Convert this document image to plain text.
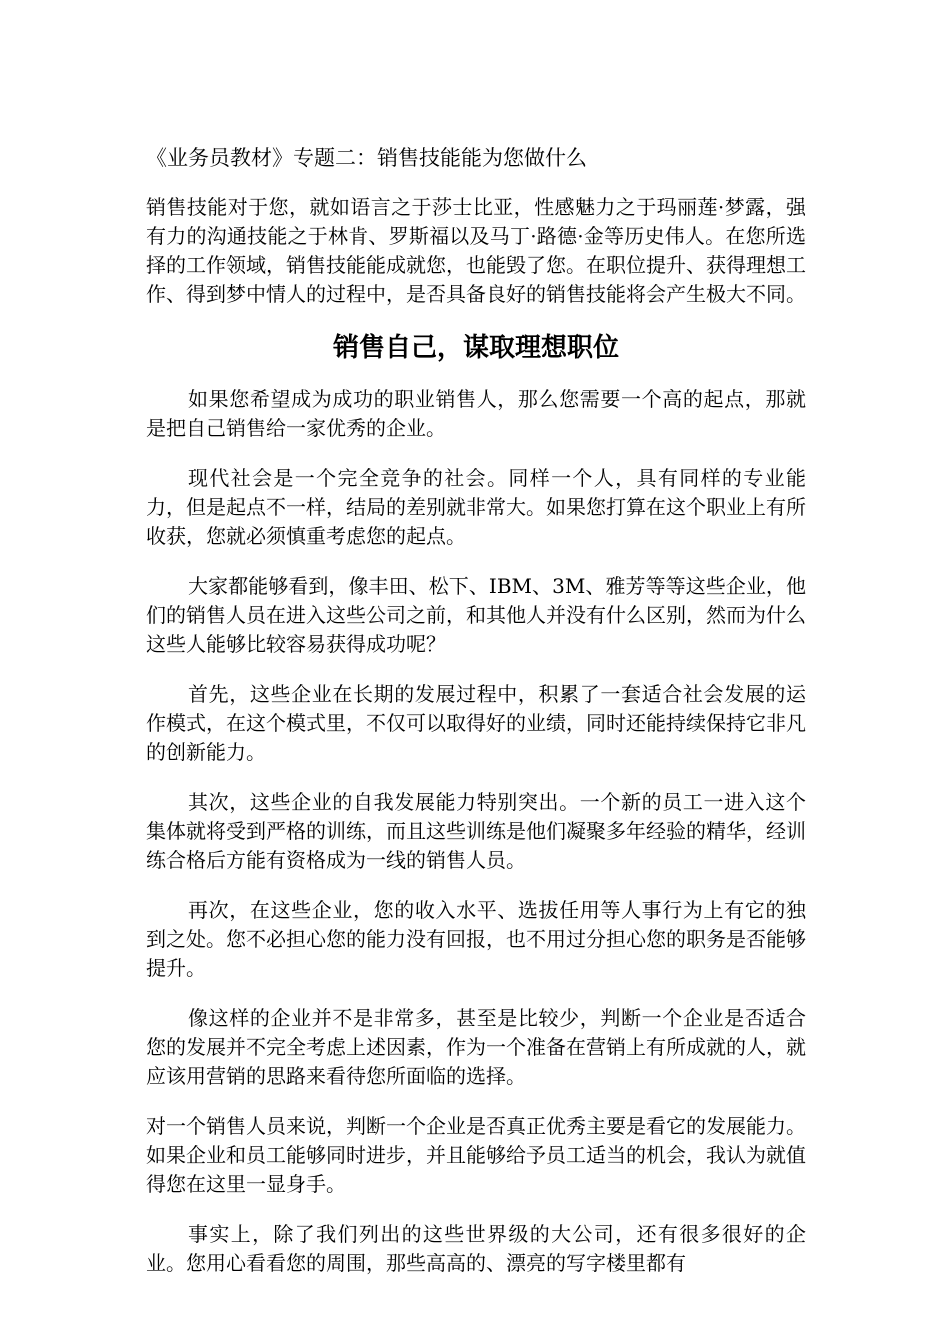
《业务员教材》专题二：销售技能能为您做什么

销售技能对于您，就如语言之于莎士比亚，性感魅力之于玛丽莲·梦露，强有力的沟通技能之于林肯、罗斯福以及马丁·路德·金等历史伟人。在您所选择的工作领域，销售技能能成就您，也能毁了您。在职位提升、获得理想工作、得到梦中情人的过程中，是否具备良好的销售技能将会产生极大不同。

销售自己，谋取理想职位

如果您希望成为成功的职业销售人，那么您需要一个高的起点，那就是把自己销售给一家优秀的企业。

现代社会是一个完全竞争的社会。同样一个人，具有同样的专业能力，但是起点不一样，结局的差别就非常大。如果您打算在这个职业上有所收获，您就必须慎重考虑您的起点。

大家都能够看到，像丰田、松下、IBM、3M、雅芳等等这些企业，他们的销售人员在进入这些公司之前，和其他人并没有什么区别，然而为什么这些人能够比较容易获得成功呢？

首先，这些企业在长期的发展过程中，积累了一套适合社会发展的运作模式，在这个模式里，不仅可以取得好的业绩，同时还能持续保持它非凡的创新能力。

其次，这些企业的自我发展能力特别突出。一个新的员工一进入这个集体就将受到严格的训练，而且这些训练是他们凝聚多年经验的精华，经训练合格后方能有资格成为一线的销售人员。

再次，在这些企业，您的收入水平、选拔任用等人事行为上有它的独到之处。您不必担心您的能力没有回报，也不用过分担心您的职务是否能够提升。

像这样的企业并不是非常多，甚至是比较少，判断一个企业是否适合您的发展并不完全考虑上述因素，作为一个准备在营销上有所成就的人，就应该用营销的思路来看待您所面临的选择。

对一个销售人员来说，判断一个企业是否真正优秀主要是看它的发展能力。如果企业和员工能够同时进步，并且能够给予员工适当的机会，我认为就值得您在这里一显身手。

事实上，除了我们列出的这些世界级的大公司，还有很多很好的企业。您用心看看您的周围，那些高高的、漂亮的写字楼里都有
